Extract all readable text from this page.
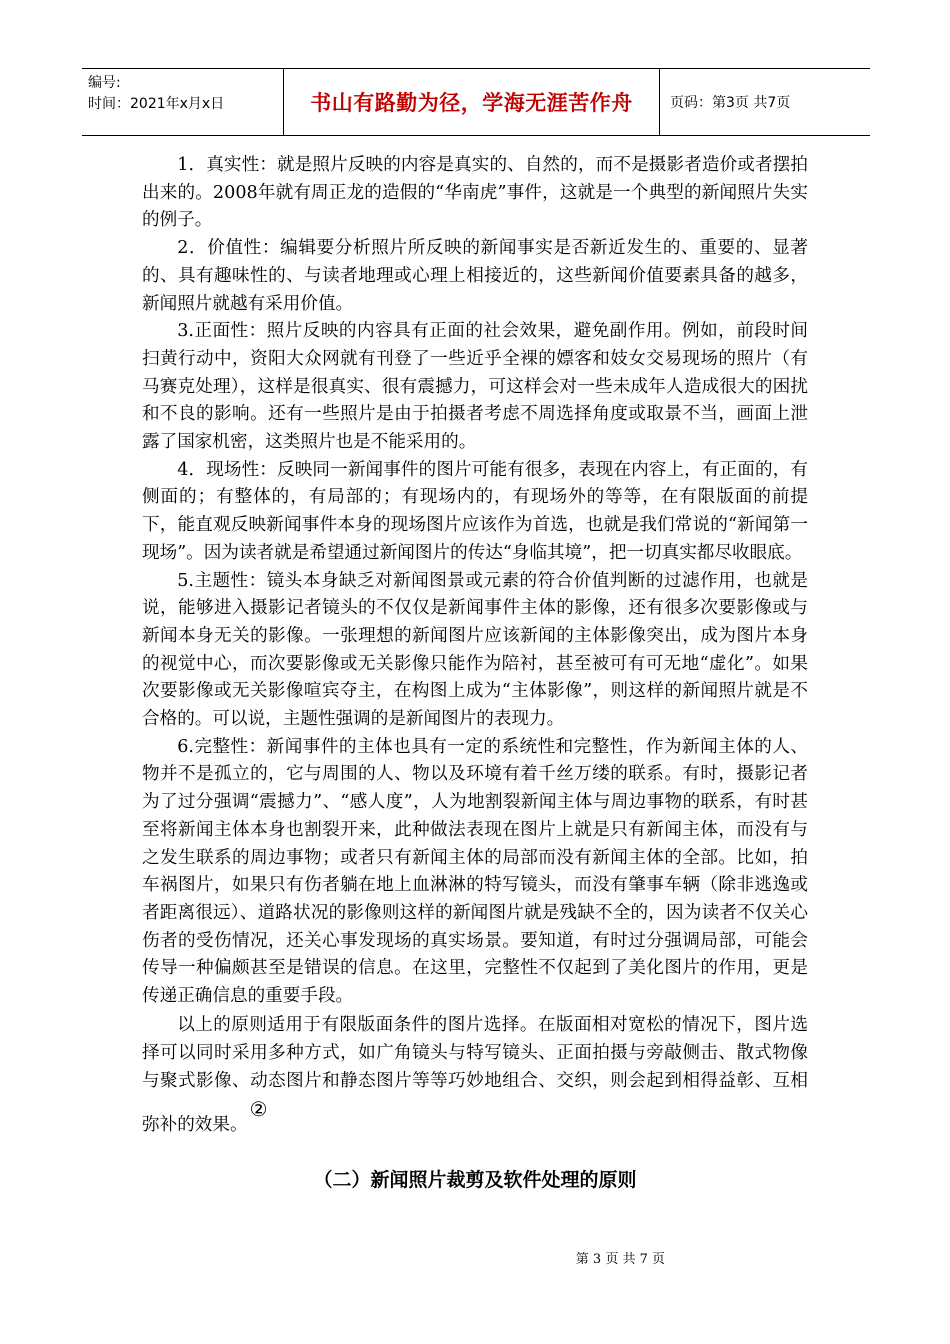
编号:
时间：2021年x月x日	书山有路勤为径，学海无涯苦作舟	页码：第3页 共7页

1．真实性：就是照片反映的内容是真实的、自然的，而不是摄影者造价或者摆拍出来的。2008年就有周正龙的造假的“华南虎”事件，这就是一个典型的新闻照片失实的例子。

2．价值性：编辑要分析照片所反映的新闻事实是否新近发生的、重要的、显著的、具有趣味性的、与读者地理或心理上相接近的，这些新闻价值要素具备的越多，新闻照片就越有采用价值。

3.正面性：照片反映的内容具有正面的社会效果，避免副作用。例如，前段时间扫黄行动中，资阳大众网就有刊登了一些近乎全裸的嫖客和妓女交易现场的照片（有马赛克处理），这样是很真实、很有震撼力，可这样会对一些未成年人造成很大的困扰和不良的影响。还有一些照片是由于拍摄者考虑不周选择角度或取景不当，画面上泄露了国家机密，这类照片也是不能采用的。

4．现场性：反映同一新闻事件的图片可能有很多，表现在内容上，有正面的，有侧面的；有整体的，有局部的；有现场内的，有现场外的等等，在有限版面的前提下，能直观反映新闻事件本身的现场图片应该作为首选，也就是我们常说的“新闻第一现场”。因为读者就是希望通过新闻图片的传达“身临其境”，把一切真实都尽收眼底。

5.主题性：镜头本身缺乏对新闻图景或元素的符合价值判断的过滤作用，也就是说，能够进入摄影记者镜头的不仅仅是新闻事件主体的影像，还有很多次要影像或与新闻本身无关的影像。一张理想的新闻图片应该新闻的主体影像突出，成为图片本身的视觉中心，而次要影像或无关影像只能作为陪衬，甚至被可有可无地“虚化”。如果次要影像或无关影像喧宾夺主，在构图上成为“主体影像”，则这样的新闻照片就是不合格的。可以说，主题性强调的是新闻图片的表现力。

6.完整性：新闻事件的主体也具有一定的系统性和完整性，作为新闻主体的人、物并不是孤立的，它与周围的人、物以及环境有着千丝万缕的联系。有时，摄影记者为了过分强调“震撼力”、“感人度”，人为地割裂新闻主体与周边事物的联系，有时甚至将新闻主体本身也割裂开来，此种做法表现在图片上就是只有新闻主体，而没有与之发生联系的周边事物；或者只有新闻主体的局部而没有新闻主体的全部。比如，拍车祸图片，如果只有伤者躺在地上血淋淋的特写镜头，而没有肇事车辆（除非逃逸或者距离很远）、道路状况的影像则这样的新闻图片就是残缺不全的，因为读者不仅关心伤者的受伤情况，还关心事发现场的真实场景。要知道，有时过分强调局部，可能会传导一种偏颇甚至是错误的信息。在这里，完整性不仅起到了美化图片的作用，更是传递正确信息的重要手段。

以上的原则适用于有限版面条件的图片选择。在版面相对宽松的情况下，图片选择可以同时采用多种方式，如广角镜头与特写镜头、正面拍摄与旁敲侧击、散式物像与聚式影像、动态图片和静态图片等等巧妙地组合、交织，则会起到相得益彰、互相弥补的效果。②

（二）新闻照片裁剪及软件处理的原则
第 3 页 共 7 页
